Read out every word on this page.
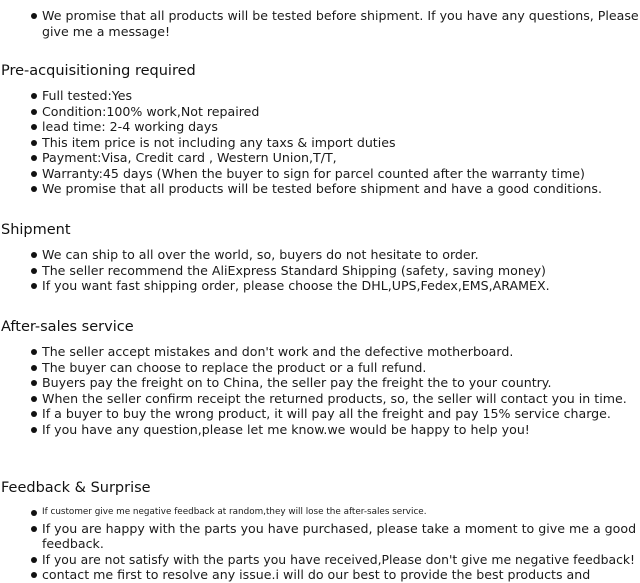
We promise that all products will be tested before shipment. If you have any questions, Please give me a message!
Pre-acquisitioning required
Full tested:Yes
Condition:100% work,Not repaired
lead time: 2-4 working days
This item price is not including any taxs & import duties
Payment:Visa, Credit card , Western Union,T/T,
Warranty:45 days (When the buyer to sign for parcel counted after the warranty time)
We promise that all products will be tested before shipment and have a good conditions.
Shipment
We can ship to all over the world, so, buyers do not hesitate to order.
The seller recommend the AliExpress Standard Shipping (safety, saving money)
If you want fast shipping order, please choose the DHL,UPS,Fedex,EMS,ARAMEX.
After-sales service
The seller accept mistakes and don't work and the defective motherboard.
The buyer can choose to replace the product or a full refund.
Buyers pay the freight on to China, the seller pay the freight the to your country.
When the seller confirm receipt the returned products, so, the seller will contact you in time.
If a buyer to buy the wrong product, it will pay all the freight and pay 15% service charge.
If you have any question,please let me know.we would be happy to help you!
Feedback & Surprise
If customer give me negative feedback at random,they will lose the after-sales service.
If you are happy with the parts you have purchased, please take a moment to give me a good feedback.
If you are not satisfy with the parts you have received,Please don't give me negative feedback!
contact me first to resolve any issue.i will do our best to provide the best products and
